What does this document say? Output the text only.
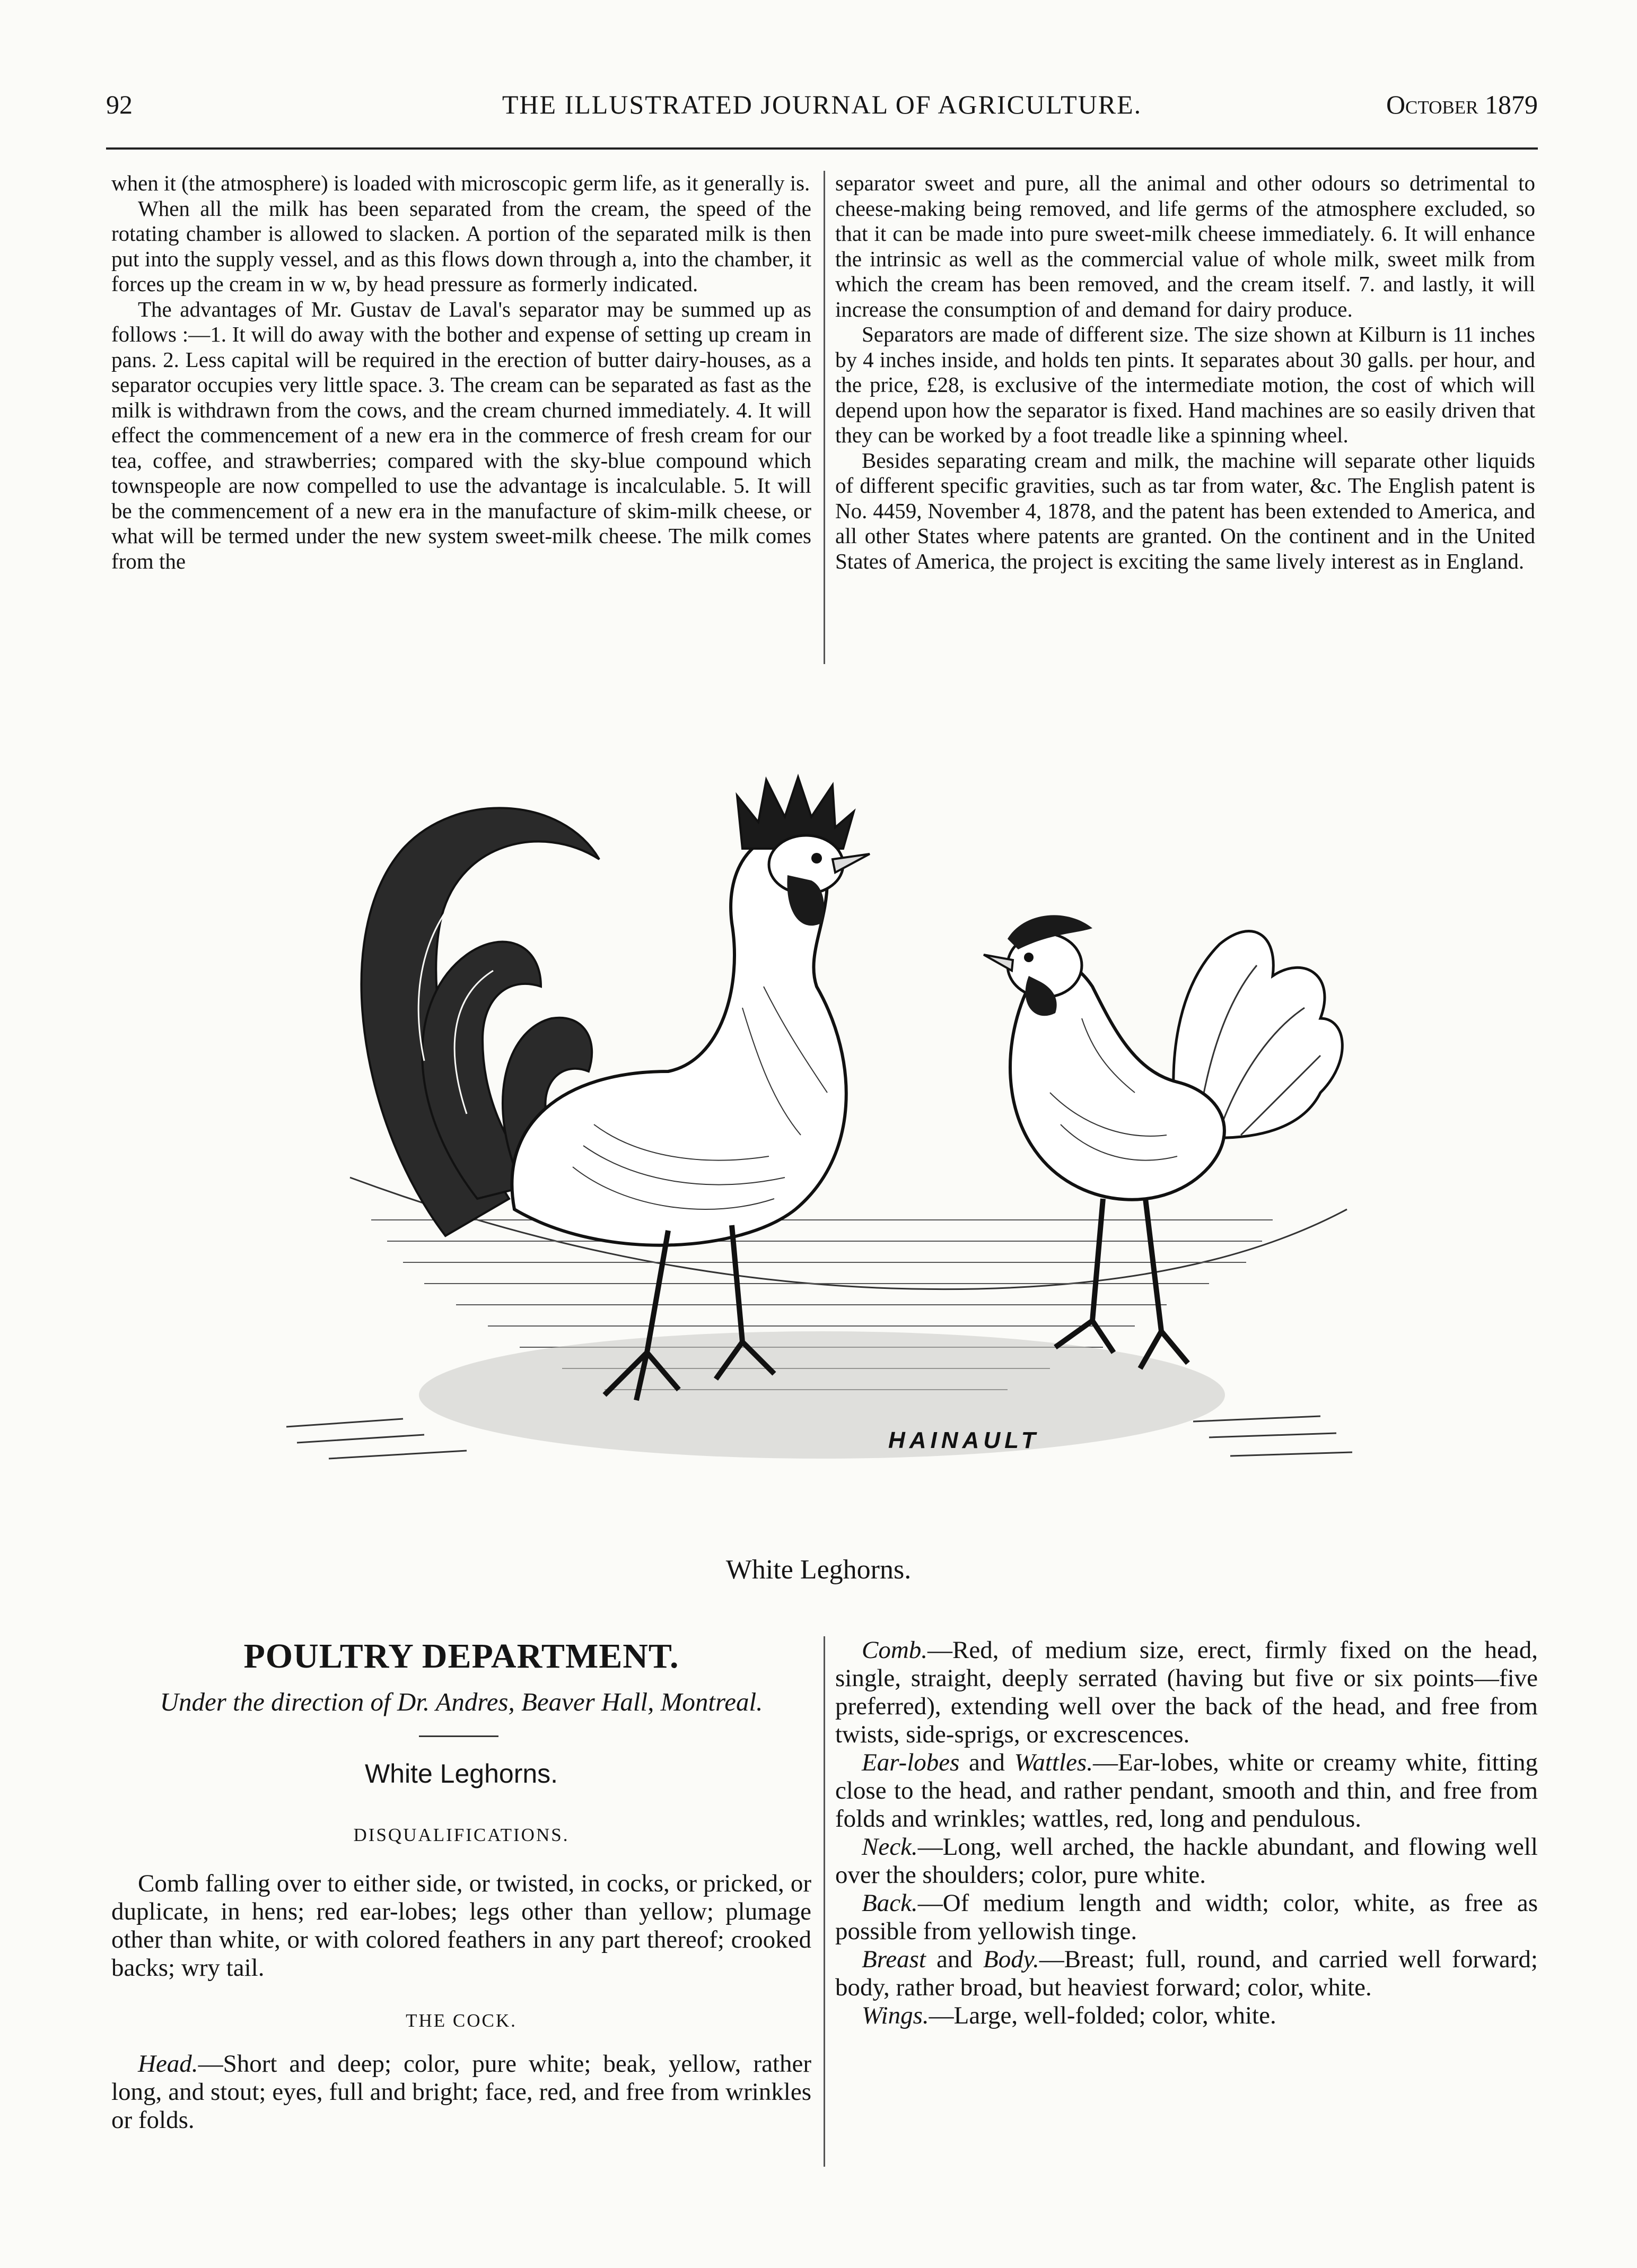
92	THE ILLUSTRATED JOURNAL OF AGRICULTURE.	October 1879

when it (the atmosphere) is loaded with microscopic germ life, as it generally is.

When all the milk has been separated from the cream, the speed of the rotating chamber is allowed to slacken. A portion of the separated milk is then put into the supply vessel, and as this flows down through a, into the chamber, it forces up the cream in w w, by head pressure as formerly indicated.

The advantages of Mr. Gustav de Laval's separator may be summed up as follows :—1. It will do away with the bother and expense of setting up cream in pans. 2. Less capital will be required in the erection of butter dairy-houses, as a separator occupies very little space. 3. The cream can be separated as fast as the milk is withdrawn from the cows, and the cream churned immediately. 4. It will effect the commencement of a new era in the commerce of fresh cream for our tea, coffee, and strawberries; compared with the sky-blue compound which townspeople are now compelled to use the advantage is incalculable. 5. It will be the commencement of a new era in the manufacture of skim-milk cheese, or what will be termed under the new system sweet-milk cheese. The milk comes from the

separator sweet and pure, all the animal and other odours so detrimental to cheese-making being removed, and life germs of the atmosphere excluded, so that it can be made into pure sweet-milk cheese immediately. 6. It will enhance the intrinsic as well as the commercial value of whole milk, sweet milk from which the cream has been removed, and the cream itself. 7. and lastly, it will increase the consumption of and demand for dairy produce.

Separators are made of different size. The size shown at Kilburn is 11 inches by 4 inches inside, and holds ten pints. It separates about 30 galls. per hour, and the price, £28, is exclusive of the intermediate motion, the cost of which will depend upon how the separator is fixed. Hand machines are so easily driven that they can be worked by a foot treadle like a spinning wheel.

Besides separating cream and milk, the machine will separate other liquids of different specific gravities, such as tar from water, &c. The English patent is No. 4459, November 4, 1878, and the patent has been extended to America, and all other States where patents are granted. On the continent and in the United States of America, the project is exciting the same lively interest as in England.

HAINAULT
White Leghorns.
POULTRY DEPARTMENT.
Under the direction of Dr. Andres, Beaver Hall, Montreal.
White Leghorns.
DISQUALIFICATIONS.

Comb falling over to either side, or twisted, in cocks, or pricked, or duplicate, in hens; red ear-lobes; legs other than yellow; plumage other than white, or with colored feathers in any part thereof; crooked backs; wry tail.

THE COCK.

Head.—Short and deep; color, pure white; beak, yellow, rather long, and stout; eyes, full and bright; face, red, and free from wrinkles or folds.

Comb.—Red, of medium size, erect, firmly fixed on the head, single, straight, deeply serrated (having but five or six points—five preferred), extending well over the back of the head, and free from twists, side-sprigs, or excrescences.

Ear-lobes and Wattles.—Ear-lobes, white or creamy white, fitting close to the head, and rather pendant, smooth and thin, and free from folds and wrinkles; wattles, red, long and pendulous.

Neck.—Long, well arched, the hackle abundant, and flowing well over the shoulders; color, pure white.

Back.—Of medium length and width; color, white, as free as possible from yellowish tinge.

Breast and Body.—Breast; full, round, and carried well forward; body, rather broad, but heaviest forward; color, white.

Wings.—Large, well-folded; color, white.
